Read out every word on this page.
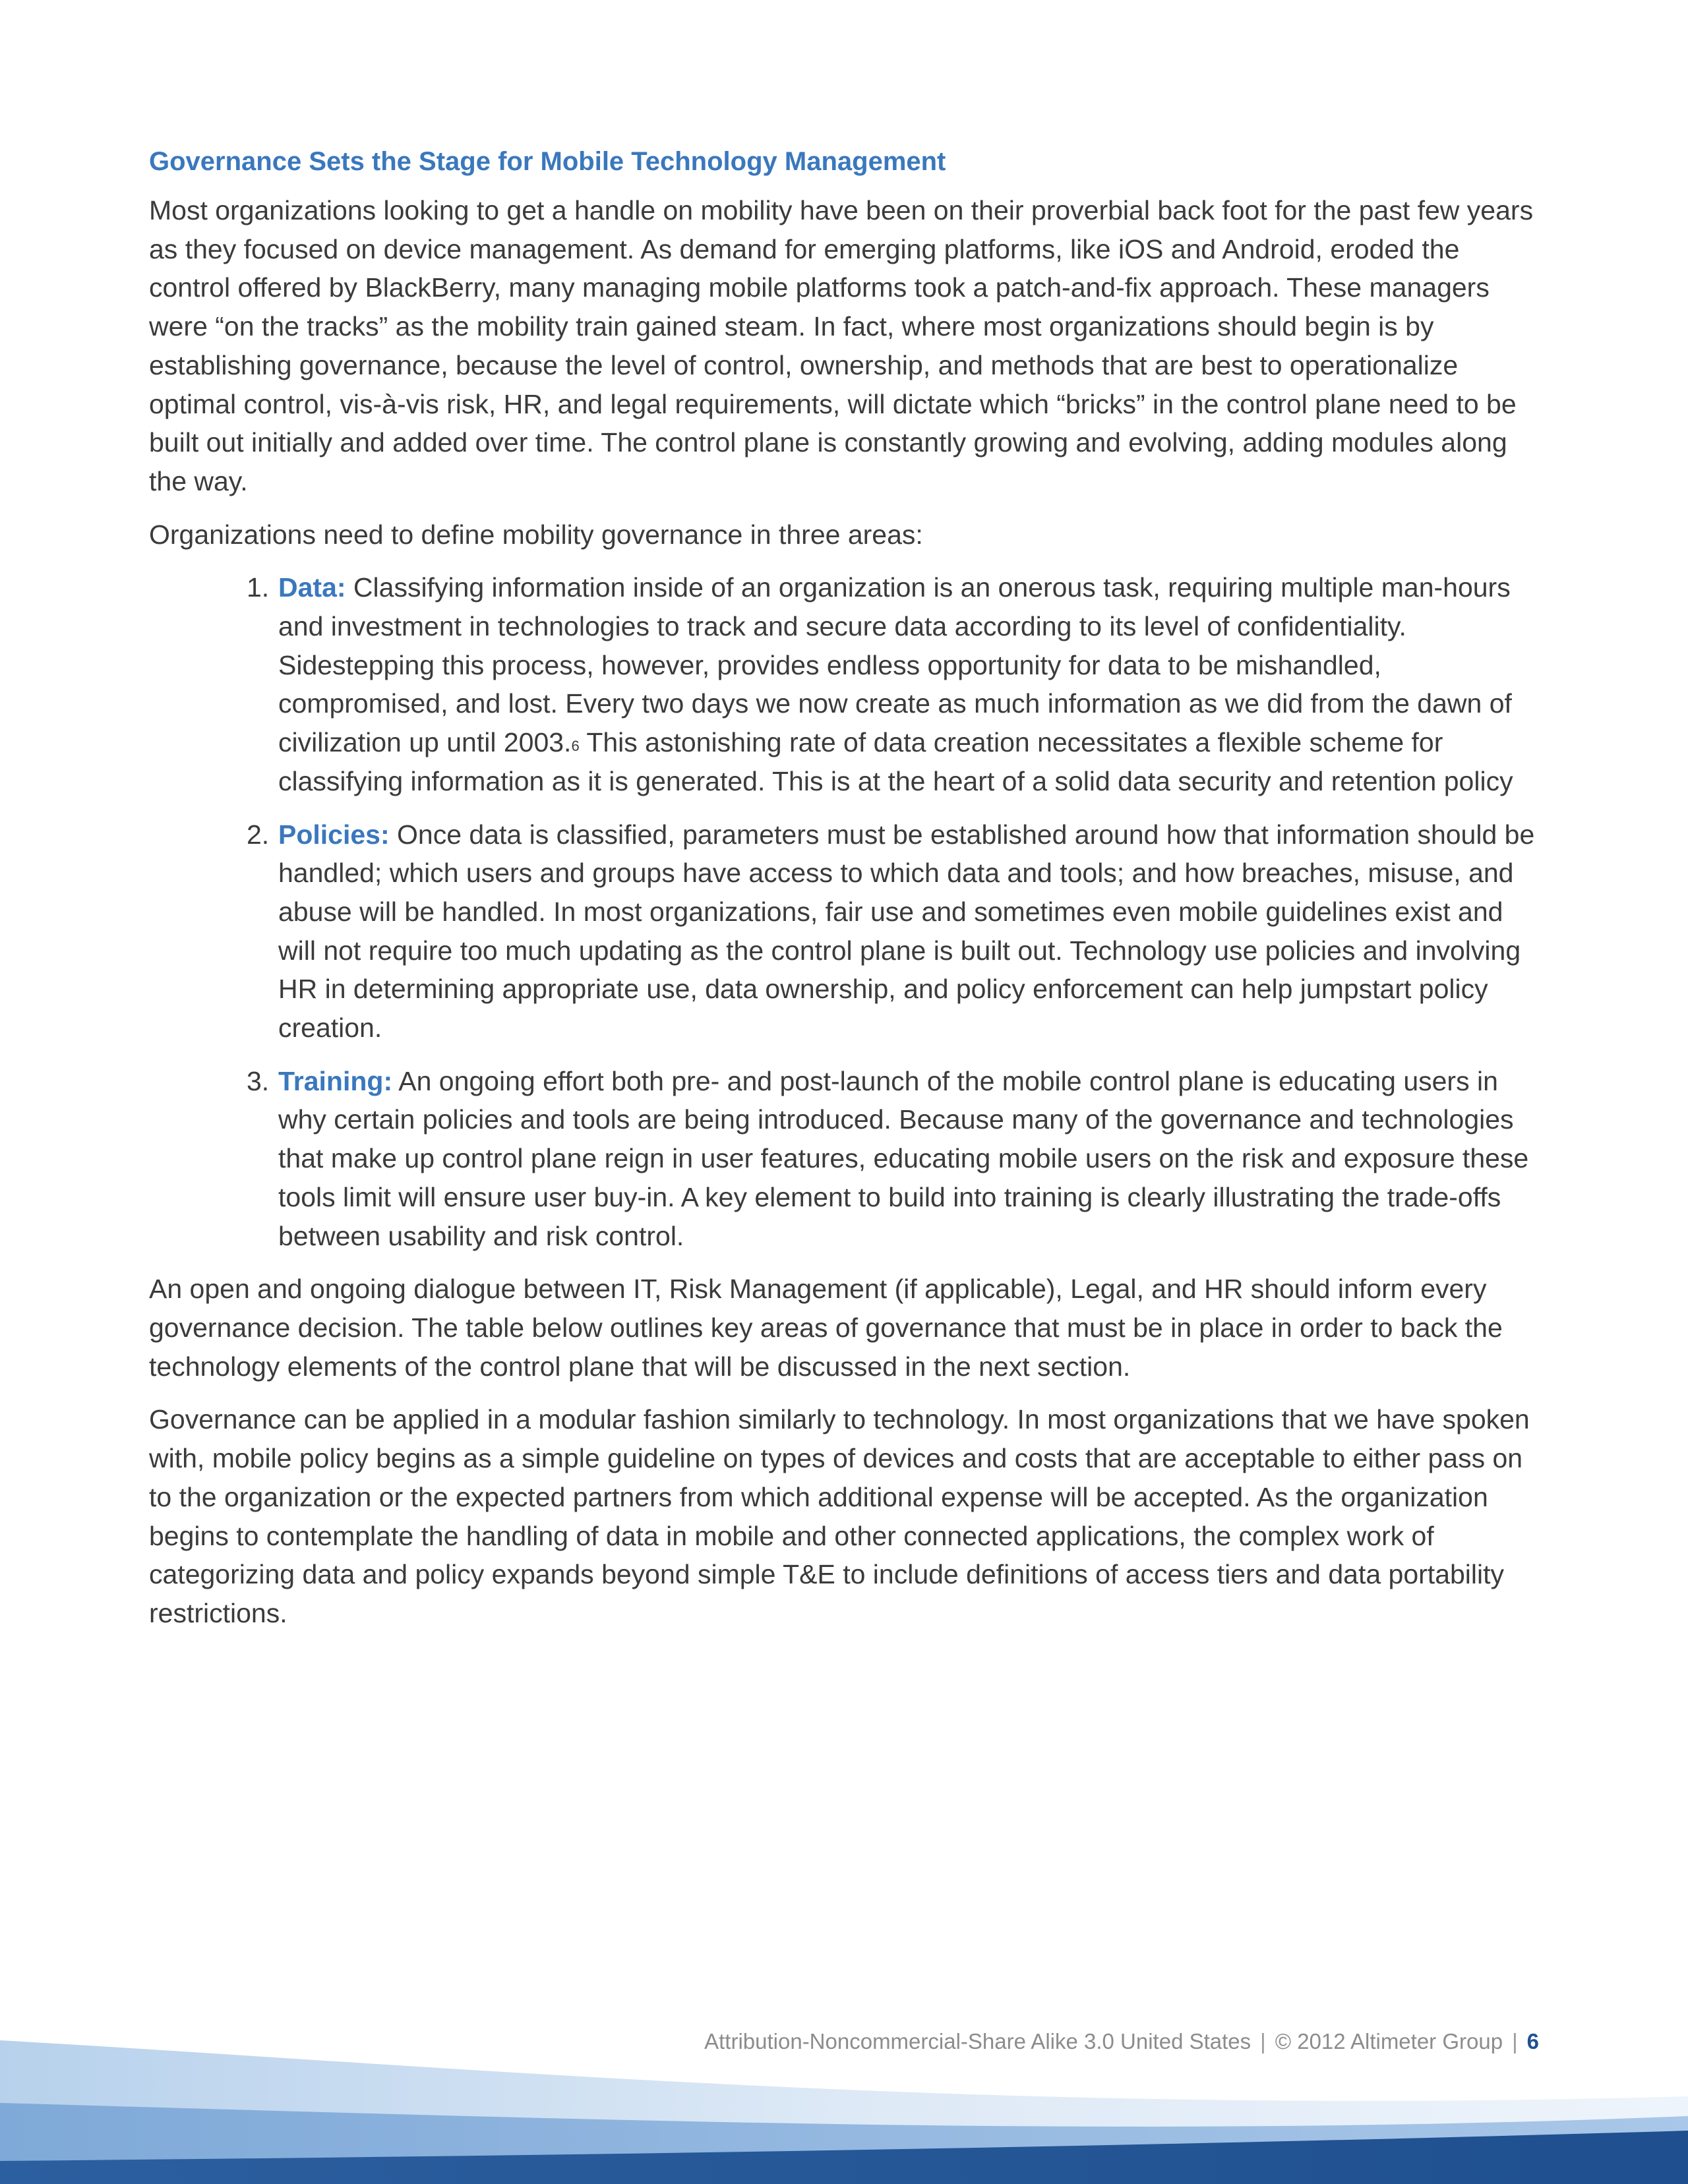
Governance Sets the Stage for Mobile Technology Management

Most organizations looking to get a handle on mobility have been on their proverbial back foot for the past few years as they focused on device management. As demand for emerging platforms, like iOS and Android, eroded the control offered by BlackBerry, many managing mobile platforms took a patch-and-fix approach. These managers were “on the tracks” as the mobility train gained steam. In fact, where most organizations should begin is by establishing governance, because the level of control, ownership, and methods that are best to operationalize optimal control, vis-à-vis risk, HR, and legal requirements, will dictate which “bricks” in the control plane need to be built out initially and added over time. The control plane is constantly growing and evolving, adding modules along the way.

Organizations need to define mobility governance in three areas:

1. Data: Classifying information inside of an organization is an onerous task, requiring multiple man-hours and investment in technologies to track and secure data according to its level of confidentiality. Sidestepping this process, however, provides endless opportunity for data to be mishandled, compromised, and lost. Every two days we now create as much information as we did from the dawn of civilization up until 2003.$^6$ This astonishing rate of data creation necessitates a flexible scheme for classifying information as it is generated. This is at the heart of a solid data security and retention policy
2. Policies: Once data is classified, parameters must be established around how that information should be handled; which users and groups have access to which data and tools; and how breaches, misuse, and abuse will be handled. In most organizations, fair use and sometimes even mobile guidelines exist and will not require too much updating as the control plane is built out. Technology use policies and involving HR in determining appropriate use, data ownership, and policy enforcement can help jumpstart policy creation.
3. Training: An ongoing effort both pre- and post-launch of the mobile control plane is educating users in why certain policies and tools are being introduced. Because many of the governance and technologies that make up control plane reign in user features, educating mobile users on the risk and exposure these tools limit will ensure user buy-in. A key element to build into training is clearly illustrating the trade-offs between usability and risk control.

An open and ongoing dialogue between IT, Risk Management (if applicable), Legal, and HR should inform every governance decision. The table below outlines key areas of governance that must be in place in order to back the technology elements of the control plane that will be discussed in the next section.

Governance can be applied in a modular fashion similarly to technology. In most organizations that we have spoken with, mobile policy begins as a simple guideline on types of devices and costs that are acceptable to either pass on to the organization or the expected partners from which additional expense will be accepted. As the organization begins to contemplate the handling of data in mobile and other connected applications, the complex work of categorizing data and policy expands beyond simple T&E to include definitions of access tiers and data portability restrictions.

Attribution-Noncommercial-Share Alike 3.0 United States | © 2012 Altimeter Group | 6
